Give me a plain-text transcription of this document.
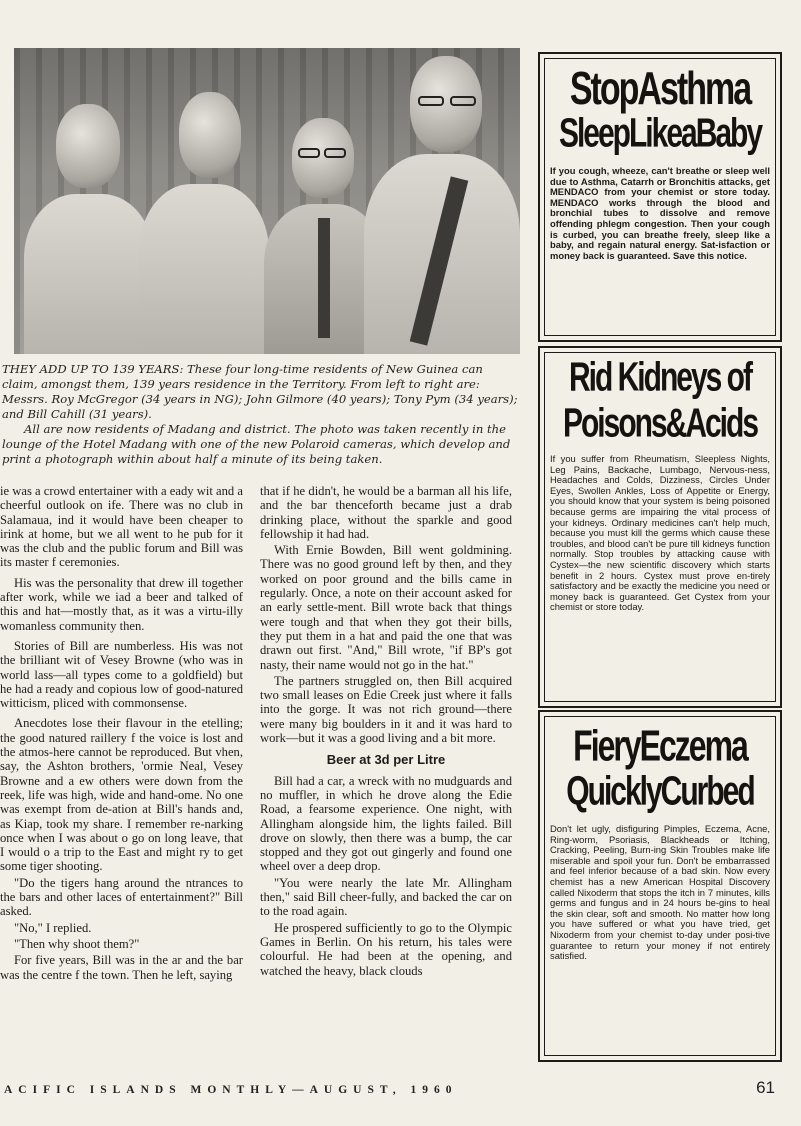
THEY ADD UP TO 139 YEARS: These four long-time residents of New Guinea can claim, amongst them, 139 years residence in the Territory. From left to right are: Messrs. Roy McGregor (34 years in NG); John Gilmore (40 years); Tony Pym (34 years); and Bill Cahill (31 years).

All are now residents of Madang and district. The photo was taken recently in the lounge of the Hotel Madang with one of the new Polaroid cameras, which develop and print a photograph within about half a minute of its being taken.

ie was a crowd entertainer with a eady wit and a cheerful outlook on ife. There was no club in Salamaua, ind it would have been cheaper to irink at home, but we all went to he pub for it was the club and the public forum and Bill was its master f ceremonies.

His was the personality that drew ill together after work, while we iad a beer and talked of this and hat—mostly that, as it was a virtu-illy womanless community then.

Stories of Bill are numberless. His was not the brilliant wit of Vesey Browne (who was in world lass—all types come to a goldfield) but he had a ready and copious low of good-natured witticism, pliced with commonsense.

Anecdotes lose their flavour in the etelling; the good natured raillery f the voice is lost and the atmos-here cannot be reproduced. But vhen, say, the Ashton brothers, 'ormie Neal, Vesey Browne and a ew others were down from the reek, life was high, wide and hand-ome. No one was exempt from de-ation at Bill's hands and, as Kiap, took my share. I remember re-narking once when I was about o go on long leave, that I would o a trip to the East and might ry to get some tiger shooting.

"Do the tigers hang around the ntrances to the bars and other laces of entertainment?" Bill asked.

"No," I replied.

"Then why shoot them?"

For five years, Bill was in the ar and the bar was the centre f the town. Then he left, saying

that if he didn't, he would be a barman all his life, and the bar thenceforth became just a drab drinking place, without the sparkle and good fellowship it had had.

With Ernie Bowden, Bill went goldmining. There was no good ground left by then, and they worked on poor ground and the bills came in regularly. Once, a note on their account asked for an early settle-ment. Bill wrote back that things were tough and that when they got their bills, they put them in a hat and paid the one that was drawn out first. "And," Bill wrote, "if BP's got nasty, their name would not go in the hat."

The partners struggled on, then Bill acquired two small leases on Edie Creek just where it falls into the gorge. It was not rich ground—there were many big boulders in it and it was hard to work—but it was a good living and a bit more.

Beer at 3d per Litre

Bill had a car, a wreck with no mudguards and no muffler, in which he drove along the Edie Road, a fearsome experience. One night, with Allingham alongside him, the lights failed. Bill drove on slowly, then there was a bump, the car stopped and they got out gingerly and found one wheel over a deep drop.

"You were nearly the late Mr. Allingham then," said Bill cheer-fully, and backed the car on to the road again.

He prospered sufficiently to go to the Olympic Games in Berlin. On his return, his tales were colourful. He had been at the opening, and watched the heavy, black clouds

StopAsthma
SleepLikeaBaby
If you cough, wheeze, can't breathe or sleep well due to Asthma, Catarrh or Bronchitis attacks, get MENDACO from your chemist or store today. MENDACO works through the blood and bronchial tubes to dissolve and remove offending phlegm congestion. Then your cough is curbed, you can breathe freely, sleep like a baby, and regain natural energy. Sat-isfaction or money back is guaranteed. Save this notice.
Rid Kidneys of
Poisons&Acids
If you suffer from Rheumatism, Sleepless Nights, Leg Pains, Backache, Lumbago, Nervous-ness, Headaches and Colds, Dizziness, Circles Under Eyes, Swollen Ankles, Loss of Appetite or Energy, you should know that your system is being poisoned because germs are impairing the vital process of your kidneys. Ordinary medicines can't help much, because you must kill the germs which cause these troubles, and blood can't be pure till kidneys function normally. Stop troubles by attacking cause with Cystex—the new scientific discovery which starts benefit in 2 hours. Cystex must prove en-tirely satisfactory and be exactly the medicine you need or money back is guaranteed. Get Cystex from your chemist or store today.
FieryEczema
QuicklyCurbed
Don't let ugly, disfiguring Pimples, Eczema, Acne, Ring-worm, Psoriasis, Blackheads or Itching, Cracking, Peeling, Burn-ing Skin Troubles make life miserable and spoil your fun. Don't be embarrassed and feel inferior because of a bad skin. Now every chemist has a new American Hospital Discovery called Nixoderm that stops the itch in 7 minutes, kills germs and fungus and in 24 hours be-gins to heal the skin clear, soft and smooth. No matter how long you have suffered or what you have tried, get Nixoderm from your chemist to-day under posi-tive guarantee to return your money if not entirely satisfied.
ACIFIC ISLANDS MONTHLY—AUGUST, 1960	61
